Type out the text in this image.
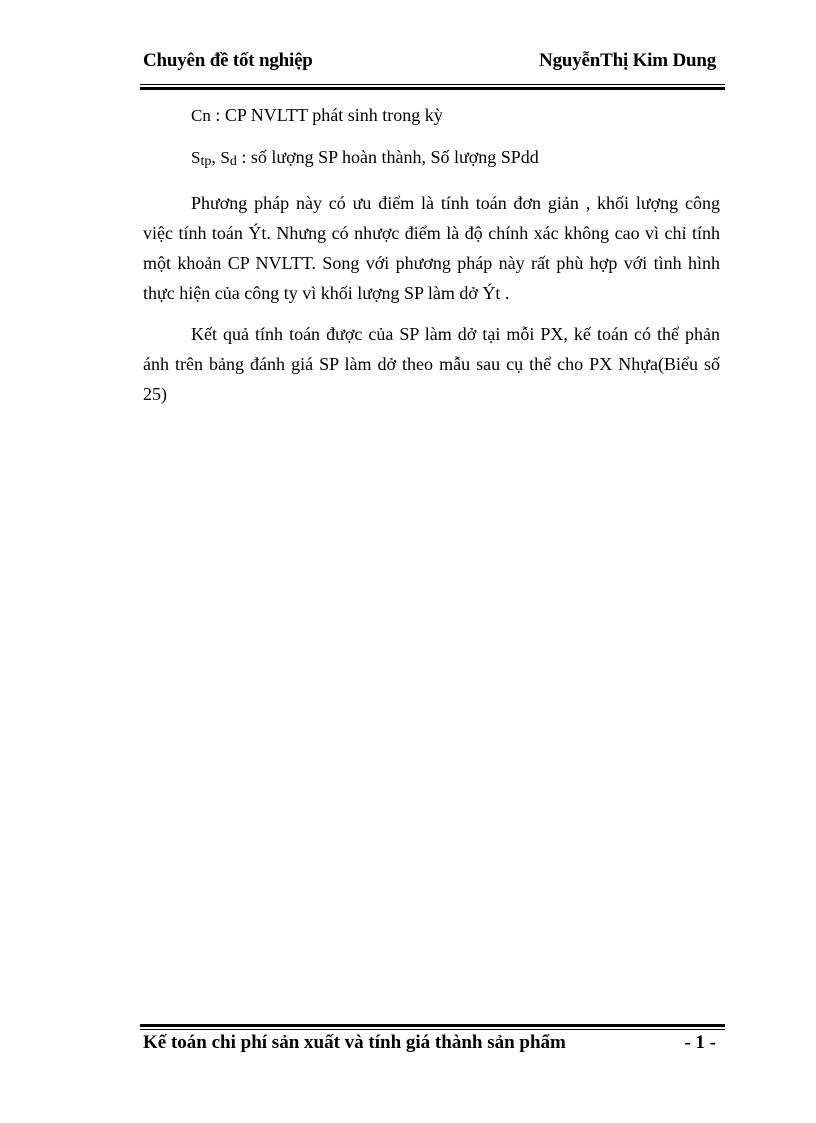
Chuyên đề tốt nghiệp	NguyễnThị Kim Dung
Cn : CP NVLTT phát sinh trong kỳ
Stp, Sd : số lượng SP hoàn thành, Số lượng SPdd

Phương pháp này có ưu điểm là tính toán đơn giản , khối lượng công việc tính toán Ýt. Nhưng có nhược điểm là độ chính xác không cao vì chỉ tính một khoản CP NVLTT. Song với phương pháp này rất phù hợp với tình hình thực hiện của công ty vì khối lượng SP làm dở Ýt .

Kết quả tính toán được của SP làm dở tại mỗi PX, kế toán có thể phản ánh trên bảng đánh giá SP làm dở theo mẫu sau cụ thể cho PX Nhựa(Biểu số 25)

Kế toán chi phí sản xuất và tính giá thành sản phẩm	- 1 -
